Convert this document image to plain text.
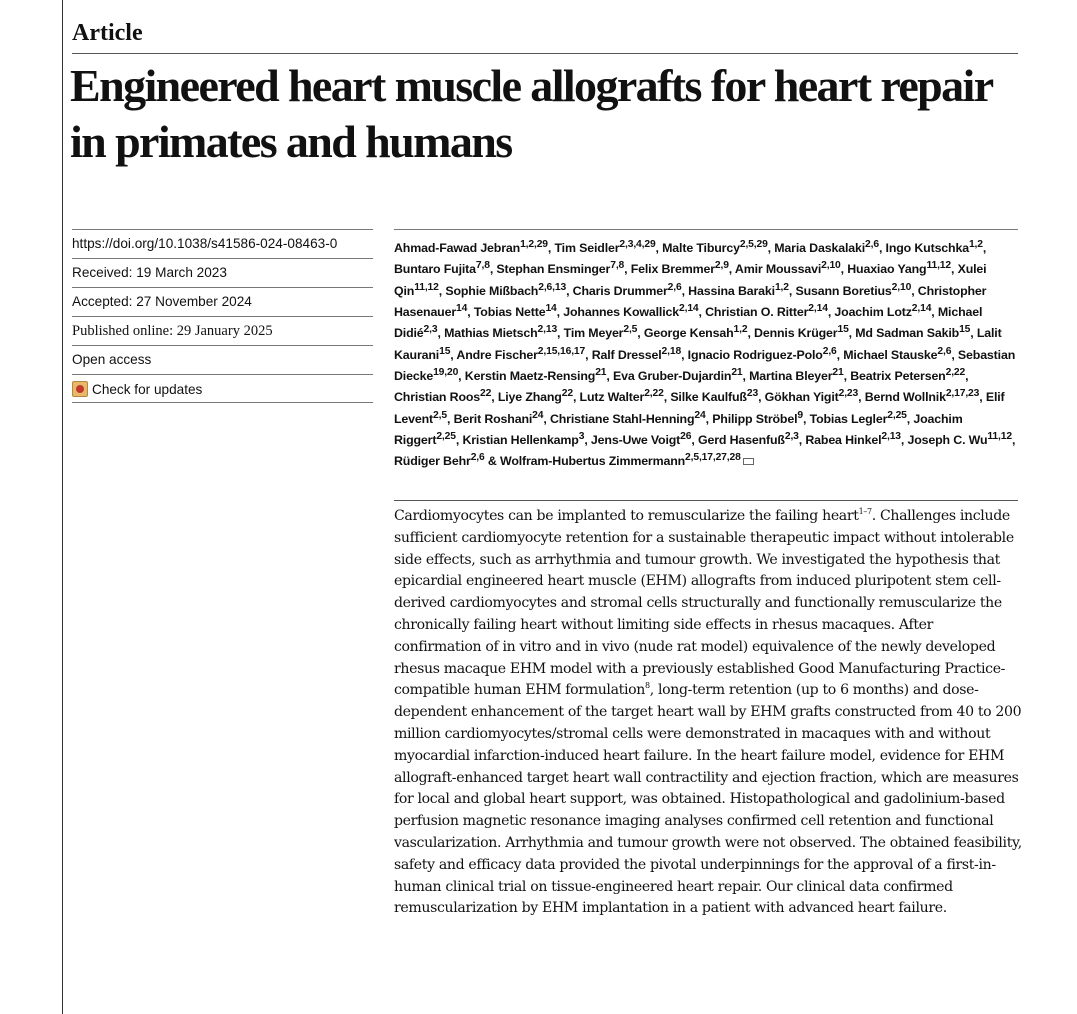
Article
Engineered heart muscle allografts for heart repair in primates and humans
https://doi.org/10.1038/s41586-024-08463-0
Received: 19 March 2023
Accepted: 27 November 2024
Published online: 29 January 2025
Open access
Check for updates
Ahmad-Fawad Jebran$^{1,2,29}$, Tim Seidler$^{2,3,4,29}$, Malte Tiburcy$^{2,5,29}$, Maria Daskalaki$^{2,6}$, Ingo Kutschka$^{1,2}$, Buntaro Fujita$^{7,8}$, Stephan Ensminger$^{7,8}$, Felix Bremmer$^{2,9}$, Amir Moussavi$^{2,10}$, Huaxiao Yang$^{11,12}$, Xulei Qin$^{11,12}$, Sophie Mißbach$^{2,6,13}$, Charis Drummer$^{2,6}$, Hassina Baraki$^{1,2}$, Susann Boretius$^{2,10}$, Christopher Hasenauer$^{14}$, Tobias Nette$^{14}$, Johannes Kowallick$^{2,14}$, Christian O. Ritter$^{2,14}$, Joachim Lotz$^{2,14}$, Michael Didié$^{2,3}$, Mathias Mietsch$^{2,13}$, Tim Meyer$^{2,5}$, George Kensah$^{1,2}$, Dennis Krüger$^{15}$, Md Sadman Sakib$^{15}$, Lalit Kaurani$^{15}$, Andre Fischer$^{2,15,16,17}$, Ralf Dressel$^{2,18}$, Ignacio Rodriguez-Polo$^{2,6}$, Michael Stauske$^{2,6}$, Sebastian Diecke$^{19,20}$, Kerstin Maetz-Rensing$^{21}$, Eva Gruber-Dujardin$^{21}$, Martina Bleyer$^{21}$, Beatrix Petersen$^{2,22}$, Christian Roos$^{22}$, Liye Zhang$^{22}$, Lutz Walter$^{2,22}$, Silke Kaulfuß$^{23}$, Gökhan Yigit$^{2,23}$, Bernd Wollnik$^{2,17,23}$, Elif Levent$^{2,5}$, Berit Roshani$^{24}$, Christiane Stahl-Henning$^{24}$, Philipp Ströbel$^9$, Tobias Legler$^{2,25}$, Joachim Riggert$^{2,25}$, Kristian Hellenkamp$^3$, Jens-Uwe Voigt$^{26}$, Gerd Hasenfuß$^{2,3}$, Rabea Hinkel$^{2,13}$, Joseph C. Wu$^{11,12}$, Rüdiger Behr$^{2,6}$ & Wolfram-Hubertus Zimmermann$^{2,5,17,27,28}$

Cardiomyocytes can be implanted to remuscularize the failing heart$^{1-7}$. Challenges include sufficient cardiomyocyte retention for a sustainable therapeutic impact without intolerable side effects, such as arrhythmia and tumour growth. We investigated the hypothesis that epicardial engineered heart muscle (EHM) allografts from induced pluripotent stem cell-derived cardiomyocytes and stromal cells structurally and functionally remuscularize the chronically failing heart without limiting side effects in rhesus macaques. After confirmation of in vitro and in vivo (nude rat model) equivalence of the newly developed rhesus macaque EHM model with a previously established Good Manufacturing Practice-compatible human EHM formulation$^8$, long-term retention (up to 6 months) and dose-dependent enhancement of the target heart wall by EHM grafts constructed from 40 to 200 million cardiomyocytes/stromal cells were demonstrated in macaques with and without myocardial infarction-induced heart failure. In the heart failure model, evidence for EHM allograft-enhanced target heart wall contractility and ejection fraction, which are measures for local and global heart support, was obtained. Histopathological and gadolinium-based perfusion magnetic resonance imaging analyses confirmed cell retention and functional vascularization. Arrhythmia and tumour growth were not observed. The obtained feasibility, safety and efficacy data provided the pivotal underpinnings for the approval of a first-in-human clinical trial on tissue-engineered heart repair. Our clinical data confirmed remuscularization by EHM implantation in a patient with advanced heart failure.
